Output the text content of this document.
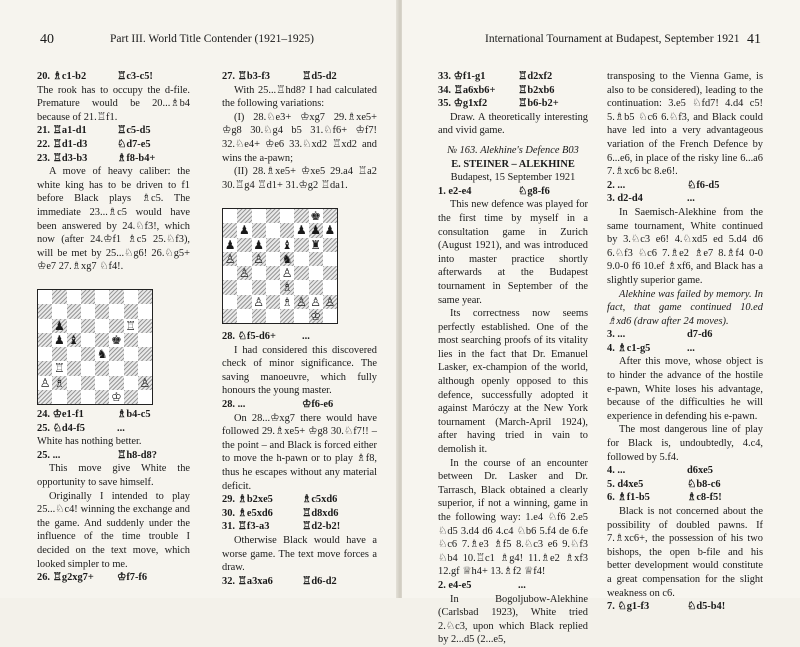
40	Part III. World Title Contender (1921–1925)
20. ♗c1-b2	♖c3-c5!

The rook has to occupy the d-file. Premature would be 20...♗b4 because of 21.♖f1.

21. ♖a1-d1	♖c5-d5
22. ♖d1-d3	♘d7-e5
23. ♖d3-b3	♗f8-b4+

A move of heavy caliber: the white king has to be driven to f1 before Black plays ♗c5. The immediate 23...♗c5 would have been answered by 24.♘f3!, which now (after 24.♔f1 ♗c5 25.♘f3), will be met by 25...♘g6! 26.♘g5+ ♔e7 27.♗xg7 ♘f4!.

♟	♖
♟ ♝	♚
♞
♖
♙ ♗	♙
♔
24. ♔e1-f1	♗b4-c5
25. ♘d4-f5	...

White has nothing better.

25. ...	♖h8-d8?

This move give White the opportunity to save himself.

Originally I intended to play 25...♘c4! winning the exchange and the game. And suddenly under the influence of the time trouble I decided on the text move, which looked simpler to me.

26. ♖g2xg7+	♔f7-f6
27. ♖b3-f3	♖d5-d2

With 25...♖hd8? I had calculated the following variations:

(I) 28.♘e3+ ♔xg7 29.♗xe5+ ♔g8 30.♘g4 b5 31.♘f6+ ♔f7! 32.♘e4+ ♔e6 33.♘xd2 ♖xd2 and wins the a-pawn;

(II) 28.♗xe5+ ♔xe5 29.a4 ♖a2 30.♖g4 ♖d1+ 31.♔g2 ♖da1.

♚
♟	♟ ♟ ♟
♟ ♟ ♝ ♜
♙ ♙ ♞
♙	♙
♗
♙ ♗ ♙ ♙ ♙
♔
28. ♘f5-d6+	...

I had considered this discovered check of minor significance. The saving manoeuvre, which fully honours the young master.

28. ...	♔f6-e6

On 28...♔xg7 there would have followed 29.♗xe5+ ♔g8 30.♘f7!! – the point – and Black is forced either to move the h-pawn or to play ♗f8, thus he escapes without any material deficit.

29. ♗b2xe5	♗c5xd6
30. ♗e5xd6	♖d8xd6
31. ♖f3-a3	♖d2-b2!

Otherwise Black would have a worse game. The text move forces a draw.

32. ♖a3xa6	♖d6-d2
International Tournament at Budapest, September 1921 41
33. ♔f1-g1	♖d2xf2
34. ♖a6xb6+	♖b2xb6
35. ♔g1xf2	♖b6-b2+

Draw. A theoretically interesting and vivid game.

№ 163. Alekhine's Defence B03

E. STEINER – ALEKHINE

Budapest, 15 September 1921

1. e2-e4	♘g8-f6

This new defence was played for the first time by myself in a consultation game in Zurich (August 1921), and was introduced into master practice shortly afterwards at the Budapest tournament in September of the same year.

Its correctness now seems perfectly established. One of the most searching proofs of its vitality lies in the fact that Dr. Emanuel Lasker, ex-champion of the world, although openly opposed to this defence, successfully adopted it against Maróczy at the New York tournament (March-April 1924), after having tried in vain to demolish it.

In the course of an encounter between Dr. Lasker and Dr. Tarrasch, Black obtained a clearly superior, if not a winning, game in the following way: 1.e4 ♘f6 2.e5 ♘d5 3.d4 d6 4.c4 ♘b6 5.f4 de 6.fe ♘c6 7.♗e3 ♗f5 8.♘c3 e6 9.♘f3 ♘b4 10.♖c1 ♗g4! 11.♗e2 ♗xf3 12.gf ♕h4+ 13.♗f2 ♕f4!

2. e4-e5	...

In Bogoljubow-Alekhine (Carlsbad 1923), White tried 2.♘c3, upon which Black replied by 2...d5 (2...e5,

transposing to the Vienna Game, is also to be considered), leading to the continuation: 3.e5 ♘fd7! 4.d4 c5! 5.♗b5 ♘c6 6.♘f3, and Black could have led into a very advantageous variation of the French Defence by 6...e6, in place of the risky line 6...a6 7.♗xc6 bc 8.e6!.

2. ...	♘f6-d5
3. d2-d4	...

In Saemisch-Alekhine from the same tournament, White continued by 3.♘c3 e6! 4.♘xd5 ed 5.d4 d6 6.♘f3 ♘c6 7.♗e2 ♗e7 8.♗f4 0-0 9.0-0 f6 10.ef ♗xf6, and Black has a slightly superior game.

Alekhine was failed by memory. In fact, that game continued 10.ed ♗xd6 (draw after 24 moves).

3. ...	d7-d6
4. ♗c1-g5	...

After this move, whose object is to hinder the advance of the hostile e-pawn, White loses his advantage, because of the difficulties he will experience in defending his e-pawn.

The most dangerous line of play for Black is, undoubtedly, 4.c4, followed by 5.f4.

4. ...	d6xe5
5. d4xe5	♘b8-c6
6. ♗f1-b5	♗c8-f5!

Black is not concerned about the possibility of doubled pawns. If 7.♗xc6+, the possession of his two bishops, the open b-file and his better development would constitute a great compensation for the slight weakness on c6.

7. ♘g1-f3	♘d5-b4!
